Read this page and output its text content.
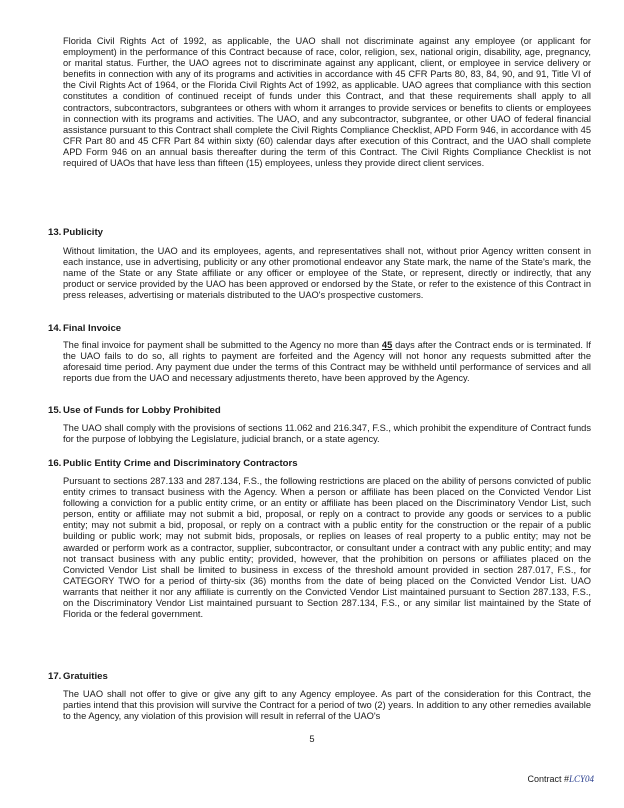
Florida Civil Rights Act of 1992, as applicable, the UAO shall not discriminate against any employee (or applicant for employment) in the performance of this Contract because of race, color, religion, sex, national origin, disability, age, pregnancy, or marital status. Further, the UAO agrees not to discriminate against any applicant, client, or employee in service delivery or benefits in connection with any of its programs and activities in accordance with 45 CFR Parts 80, 83, 84, 90, and 91, Title VI of the Civil Rights Act of 1964, or the Florida Civil Rights Act of 1992, as applicable. UAO agrees that compliance with this section constitutes a condition of continued receipt of funds under this Contract, and that these requirements shall apply to all contractors, subcontractors, subgrantees or others with whom it arranges to provide services or benefits to clients or employees in connection with its programs and activities. The UAO, and any subcontractor, subgrantee, or other UAO of federal financial assistance pursuant to this Contract shall complete the Civil Rights Compliance Checklist, APD Form 946, in accordance with 45 CFR Part 80 and 45 CFR Part 84 within sixty (60) calendar days after execution of this Contract, and the UAO shall complete APD Form 946 on an annual basis thereafter during the term of this Contract. The Civil Rights Compliance Checklist is not required of UAOs that have less than fifteen (15) employees, unless they provide direct client services.

13. Publicity

Without limitation, the UAO and its employees, agents, and representatives shall not, without prior Agency written consent in each instance, use in advertising, publicity or any other promotional endeavor any State mark, the name of the State's mark, the name of the State or any State affiliate or any officer or employee of the State, or represent, directly or indirectly, that any product or service provided by the UAO has been approved or endorsed by the State, or refer to the existence of this Contract in press releases, advertising or materials distributed to the UAO's prospective customers.

14. Final Invoice

The final invoice for payment shall be submitted to the Agency no more than 45 days after the Contract ends or is terminated. If the UAO fails to do so, all rights to payment are forfeited and the Agency will not honor any requests submitted after the aforesaid time period. Any payment due under the terms of this Contract may be withheld until performance of services and all reports due from the UAO and necessary adjustments thereto, have been approved by the Agency.

15. Use of Funds for Lobby Prohibited

The UAO shall comply with the provisions of sections 11.062 and 216.347, F.S., which prohibit the expenditure of Contract funds for the purpose of lobbying the Legislature, judicial branch, or a state agency.

16. Public Entity Crime and Discriminatory Contractors

Pursuant to sections 287.133 and 287.134, F.S., the following restrictions are placed on the ability of persons convicted of public entity crimes to transact business with the Agency. When a person or affiliate has been placed on the Convicted Vendor List following a conviction for a public entity crime, or an entity or affiliate has been placed on the Discriminatory Vendor List, such person, entity or affiliate may not submit a bid, proposal, or reply on a contract to provide any goods or services to a public entity; may not submit a bid, proposal, or reply on a contract with a public entity for the construction or the repair of a public building or public work; may not submit bids, proposals, or replies on leases of real property to a public entity; may not be awarded or perform work as a contractor, supplier, subcontractor, or consultant under a contract with any public entity; and may not transact business with any public entity; provided, however, that the prohibition on persons or affiliates placed on the Convicted Vendor List shall be limited to business in excess of the threshold amount provided in section 287.017, F.S., for CATEGORY TWO for a period of thirty-six (36) months from the date of being placed on the Convicted Vendor List. UAO warrants that neither it nor any affiliate is currently on the Convicted Vendor List maintained pursuant to Section 287.133, F.S., on the Discriminatory Vendor List maintained pursuant to Section 287.134, F.S., or any similar list maintained by the State of Florida or the federal government.

17. Gratuities

The UAO shall not offer to give or give any gift to any Agency employee. As part of the consideration for this Contract, the parties intend that this provision will survive the Contract for a period of two (2) years. In addition to any other remedies available to the Agency, any violation of this provision will result in referral of the UAO's

5
Contract #LCY04
